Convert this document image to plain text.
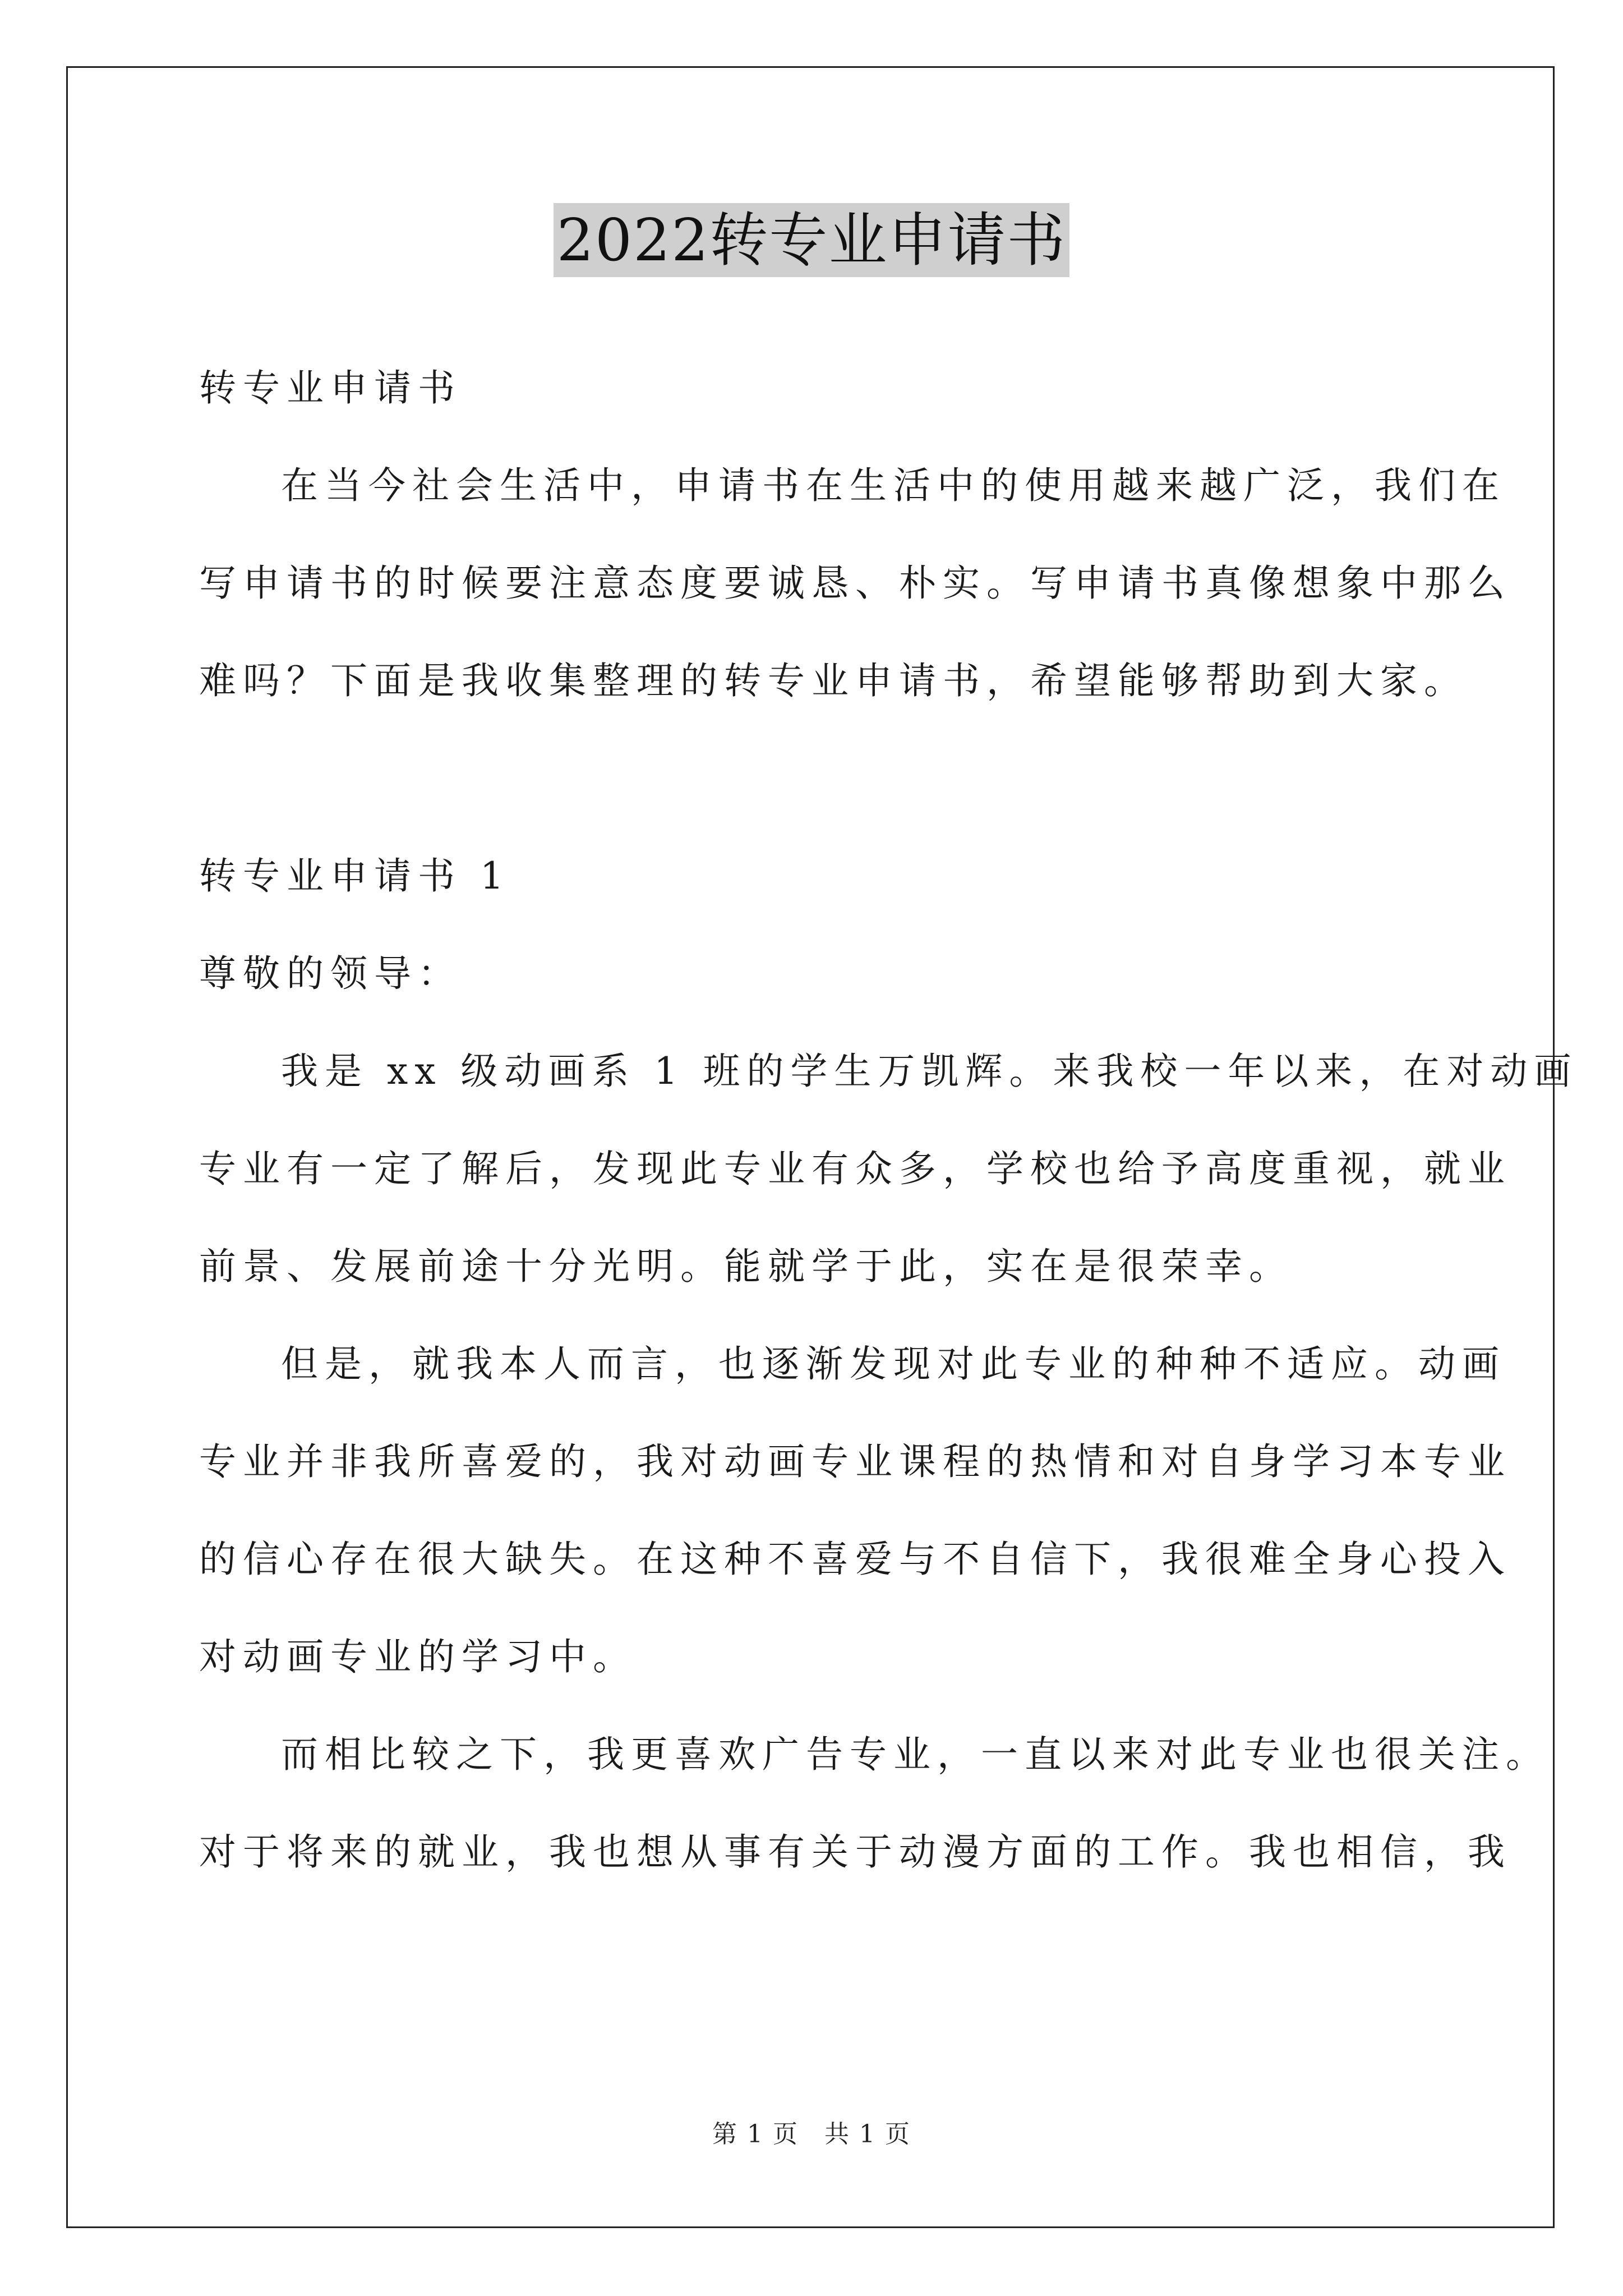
2022转专业申请书
转专业申请书
在当今社会生活中，申请书在生活中的使用越来越广泛，我们在
写申请书的时候要注意态度要诚恳、朴实。写申请书真像想象中那么
难吗？下面是我收集整理的转专业申请书，希望能够帮助到大家。
转专业申请书 1
尊敬的领导：
我是 xx 级动画系 1 班的学生万凯辉。来我校一年以来，在对动画
专业有一定了解后，发现此专业有众多，学校也给予高度重视，就业
前景、发展前途十分光明。能就学于此，实在是很荣幸。
但是，就我本人而言，也逐渐发现对此专业的种种不适应。动画
专业并非我所喜爱的，我对动画专业课程的热情和对自身学习本专业
的信心存在很大缺失。在这种不喜爱与不自信下，我很难全身心投入
对动画专业的学习中。
而相比较之下，我更喜欢广告专业，一直以来对此专业也很关注。
对于将来的就业，我也想从事有关于动漫方面的工作。我也相信，我
第 1 页　共 1 页
